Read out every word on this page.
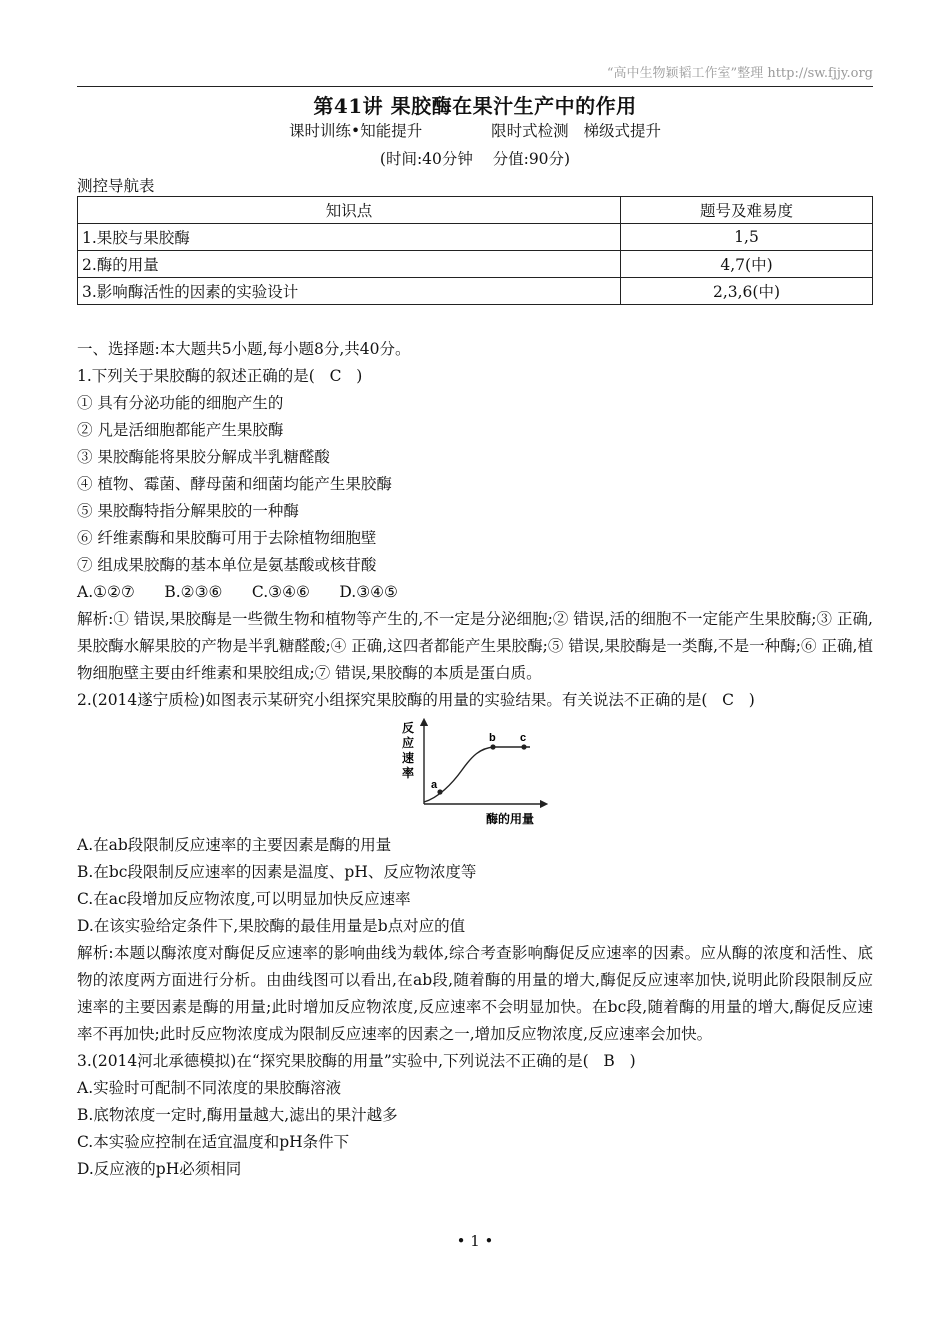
“高中生物颖韬工作室”整理 http://sw.fjjy.org
第41讲 果胶酶在果汁生产中的作用
课时训练•知能提升              限时式检测   梯级式提升
(时间:40分钟    分值:90分)
测控导航表
知识点	题号及难易度
1.果胶与果胶酶	1,5
2.酶的用量	4,7(中)
3.影响酶活性的因素的实验设计	2,3,6(中)
一、选择题:本大题共5小题,每小题8分,共40分。
1.下列关于果胶酶的叙述正确的是(   C   )
① 具有分泌功能的细胞产生的
② 凡是活细胞都能产生果胶酶
③ 果胶酶能将果胶分解成半乳糖醛酸
④ 植物、霉菌、酵母菌和细菌均能产生果胶酶
⑤ 果胶酶特指分解果胶的一种酶
⑥ 纤维素酶和果胶酶可用于去除植物细胞壁
⑦ 组成果胶酶的基本单位是氨基酸或核苷酸
A.①②⑦      B.②③⑥      C.③④⑥      D.③④⑤
解析:① 错误,果胶酶是一些微生物和植物等产生的,不一定是分泌细胞;② 错误,活的细胞不一定能产生果胶酶;③ 正确,果胶酶水解果胶的产物是半乳糖醛酸;④ 正确,这四者都能产生果胶酶;⑤ 错误,果胶酶是一类酶,不是一种酶;⑥ 正确,植物细胞壁主要由纤维素和果胶组成;⑦ 错误,果胶酶的本质是蛋白质。
2.(2014遂宁质检)如图表示某研究小组探究果胶酶的用量的实验结果。有关说法不正确的是(   C   )
a
b c
反
应
速
率
酶的用量
A.在ab段限制反应速率的主要因素是酶的用量
B.在bc段限制反应速率的因素是温度、pH、反应物浓度等
C.在ac段增加反应物浓度,可以明显加快反应速率
D.在该实验给定条件下,果胶酶的最佳用量是b点对应的值
解析:本题以酶浓度对酶促反应速率的影响曲线为载体,综合考查影响酶促反应速率的因素。应从酶的浓度和活性、底物的浓度两方面进行分析。由曲线图可以看出,在ab段,随着酶的用量的增大,酶促反应速率加快,说明此阶段限制反应速率的主要因素是酶的用量;此时增加反应物浓度,反应速率不会明显加快。在bc段,随着酶的用量的增大,酶促反应速率不再加快;此时反应物浓度成为限制反应速率的因素之一,增加反应物浓度,反应速率会加快。
3.(2014河北承德模拟)在“探究果胶酶的用量”实验中,下列说法不正确的是(   B   )
A.实验时可配制不同浓度的果胶酶溶液
B.底物浓度一定时,酶用量越大,滤出的果汁越多
C.本实验应控制在适宜温度和pH条件下
D.反应液的pH必须相同
• 1 •
